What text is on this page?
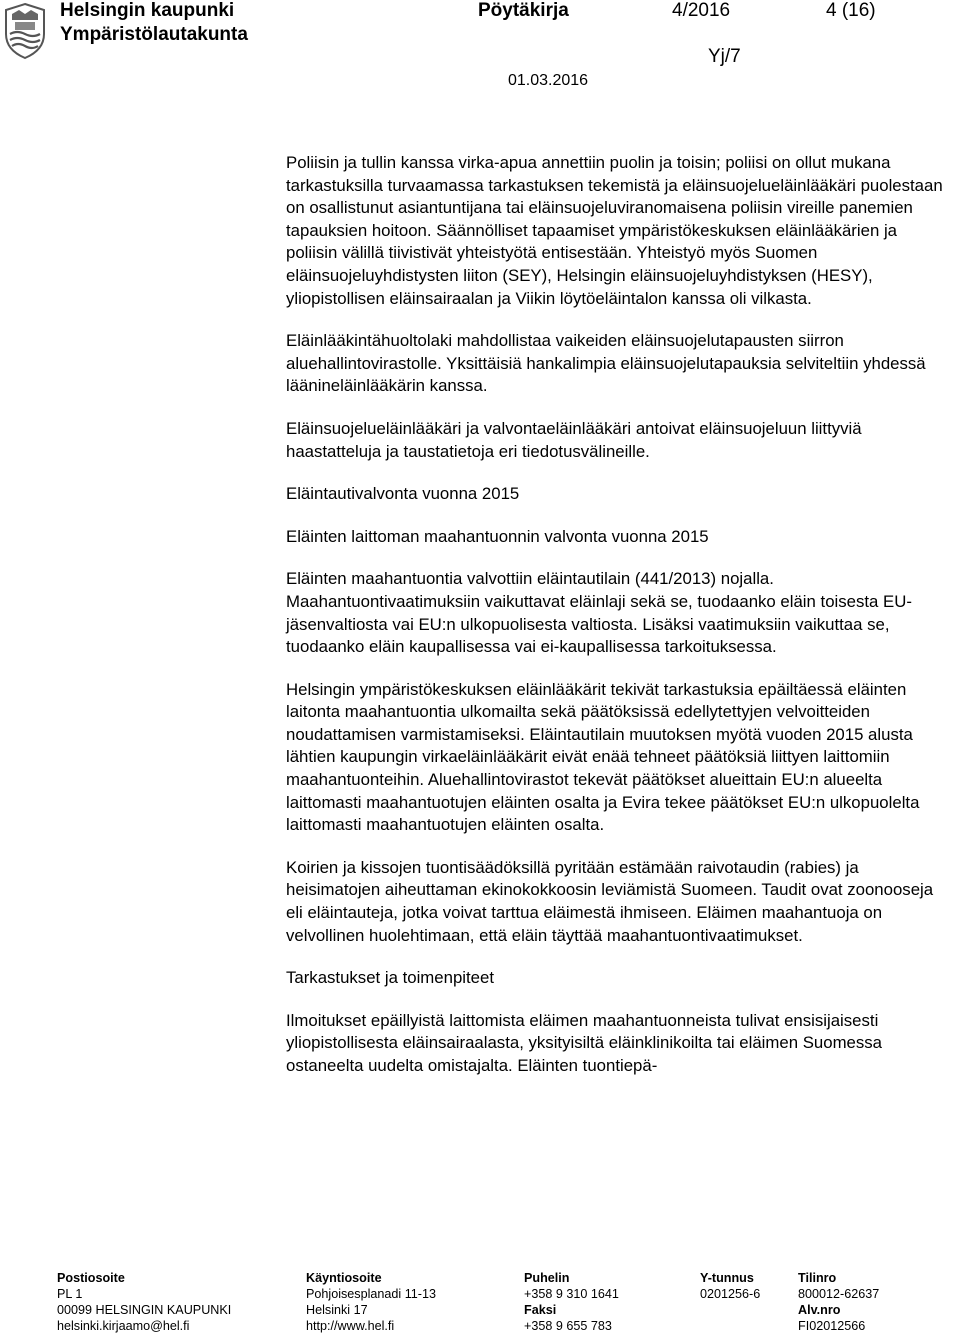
Helsingin kaupunki
Ympäristölautakunta
Pöytäkirja	4/2016	4 (16)
Yj/7
01.03.2016

Poliisin ja tullin kanssa virka-apua annettiin puolin ja toisin; poliisi on ollut mukana tarkastuksilla turvaamassa tarkastuksen tekemistä ja eläinsuojelueläinlääkäri puolestaan on osallistunut asiantuntijana tai eläinsuojeluviranomaisena poliisin vireille panemien tapauksien hoitoon. Säännölliset tapaamiset ympäristökeskuksen eläinlääkärien ja poliisin välillä tiivistivät yhteistyötä entisestään. Yhteistyö myös Suomen eläinsuojeluyhdistysten liiton (SEY), Helsingin eläinsuojeluyhdistyksen (HESY), yliopistollisen eläinsairaalan ja Viikin löytöeläintalon kanssa oli vilkasta.

Eläinlääkintähuoltolaki mahdollistaa vaikeiden eläinsuojelutapausten siirron aluehallintovirastolle. Yksittäisiä hankalimpia eläinsuojelutapauksia selviteltiin yhdessä läänineläinlääkärin kanssa.

Eläinsuojelueläinlääkäri ja valvontaeläinlääkäri antoivat eläinsuojeluun liittyviä haastatteluja ja taustatietoja eri tiedotusvälineille.

Eläintautivalvonta vuonna 2015

Eläinten laittoman maahantuonnin valvonta vuonna 2015

Eläinten maahantuontia valvottiin eläintautilain (441/2013) nojalla. Maahantuontivaatimuksiin vaikuttavat eläinlaji sekä se, tuodaanko eläin toisesta EU-jäsenvaltiosta vai EU:n ulkopuolisesta valtiosta. Lisäksi vaatimuksiin vaikuttaa se, tuodaanko eläin kaupallisessa vai ei-kaupallisessa tarkoituksessa.

Helsingin ympäristökeskuksen eläinlääkärit tekivät tarkastuksia epäiltäessä eläinten laitonta maahantuontia ulkomailta sekä päätöksissä edellytettyjen velvoitteiden noudattamisen varmistamiseksi. Eläintautilain muutoksen myötä vuoden 2015 alusta lähtien kaupungin virkaeläinlääkärit eivät enää tehneet päätöksiä liittyen laittomiin maahantuonteihin. Aluehallintovirastot tekevät päätökset alueittain EU:n alueelta laittomasti maahantuotujen eläinten osalta ja Evira tekee päätökset EU:n ulkopuolelta laittomasti maahantuotujen eläinten osalta.

Koirien ja kissojen tuontisäädöksillä pyritään estämään raivotaudin (rabies) ja heisimatojen aiheuttaman ekinokokkoosin leviämistä Suomeen. Taudit ovat zoonooseja eli eläintauteja, jotka voivat tarttua eläimestä ihmiseen. Eläimen maahantuoja on velvollinen huolehtimaan, että eläin täyttää maahantuontivaatimukset.

Tarkastukset ja toimenpiteet

Ilmoitukset epäillyistä laittomista eläimen maahantuonneista tulivat ensisijaisesti yliopistollisesta eläinsairaalasta, yksityisiltä eläinklinikoilta tai eläimen Suomessa ostaneelta uudelta omistajalta. Eläinten tuontiepä-

Postiosoite
PL 1
00099 HELSINGIN KAUPUNKI
helsinki.kirjaamo@hel.fi
Käyntiosoite
Pohjoisesplanadi 11-13
Helsinki 17
http://www.hel.fi
Puhelin
+358 9 310 1641
Faksi
+358 9 655 783
Y-tunnus
0201256-6
Tilinro
800012-62637
Alv.nro
FI02012566
